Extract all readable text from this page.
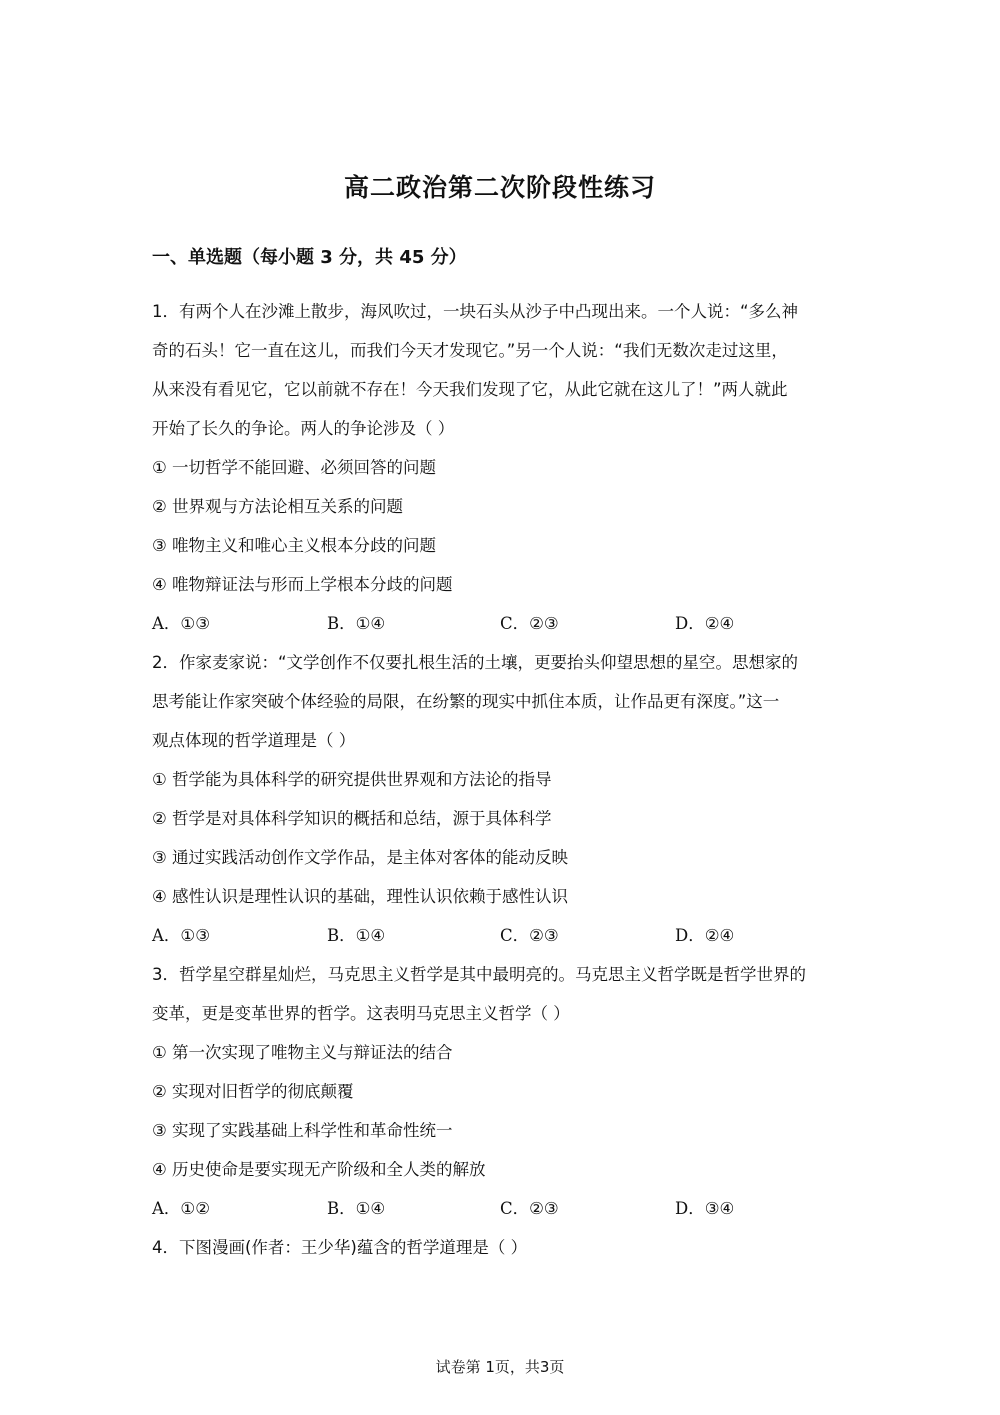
高二政治第二次阶段性练习
一、单选题（每小题 3 分，共 45 分）
1．有两个人在沙滩上散步，海风吹过，一块石头从沙子中凸现出来。一个人说：“多么神
奇的石头！它一直在这儿，而我们今天才发现它。”另一个人说：“我们无数次走过这里，
从来没有看见它，它以前就不存在！今天我们发现了它，从此它就在这儿了！”两人就此
开始了长久的争论。两人的争论涉及（ ）
① 一切哲学不能回避、必须回答的问题
② 世界观与方法论相互关系的问题
③ 唯物主义和唯心主义根本分歧的问题
④ 唯物辩证法与形而上学根本分歧的问题
A．①③	B．①④	C．②③	D．②④
2．作家麦家说：“文学创作不仅要扎根生活的土壤，更要抬头仰望思想的星空。思想家的
思考能让作家突破个体经验的局限，在纷繁的现实中抓住本质，让作品更有深度。”这一
观点体现的哲学道理是（ ）
① 哲学能为具体科学的研究提供世界观和方法论的指导
② 哲学是对具体科学知识的概括和总结，源于具体科学
③ 通过实践活动创作文学作品，是主体对客体的能动反映
④ 感性认识是理性认识的基础，理性认识依赖于感性认识
A．①③	B．①④	C．②③	D．②④
3．哲学星空群星灿烂，马克思主义哲学是其中最明亮的。马克思主义哲学既是哲学世界的
变革，更是变革世界的哲学。这表明马克思主义哲学（ ）
① 第一次实现了唯物主义与辩证法的结合
② 实现对旧哲学的彻底颠覆
③ 实现了实践基础上科学性和革命性统一
④ 历史使命是要实现无产阶级和全人类的解放
A．①②	B．①④	C．②③	D．③④
4．下图漫画(作者：王少华)蕴含的哲学道理是（ ）
试卷第 1页，共3页
